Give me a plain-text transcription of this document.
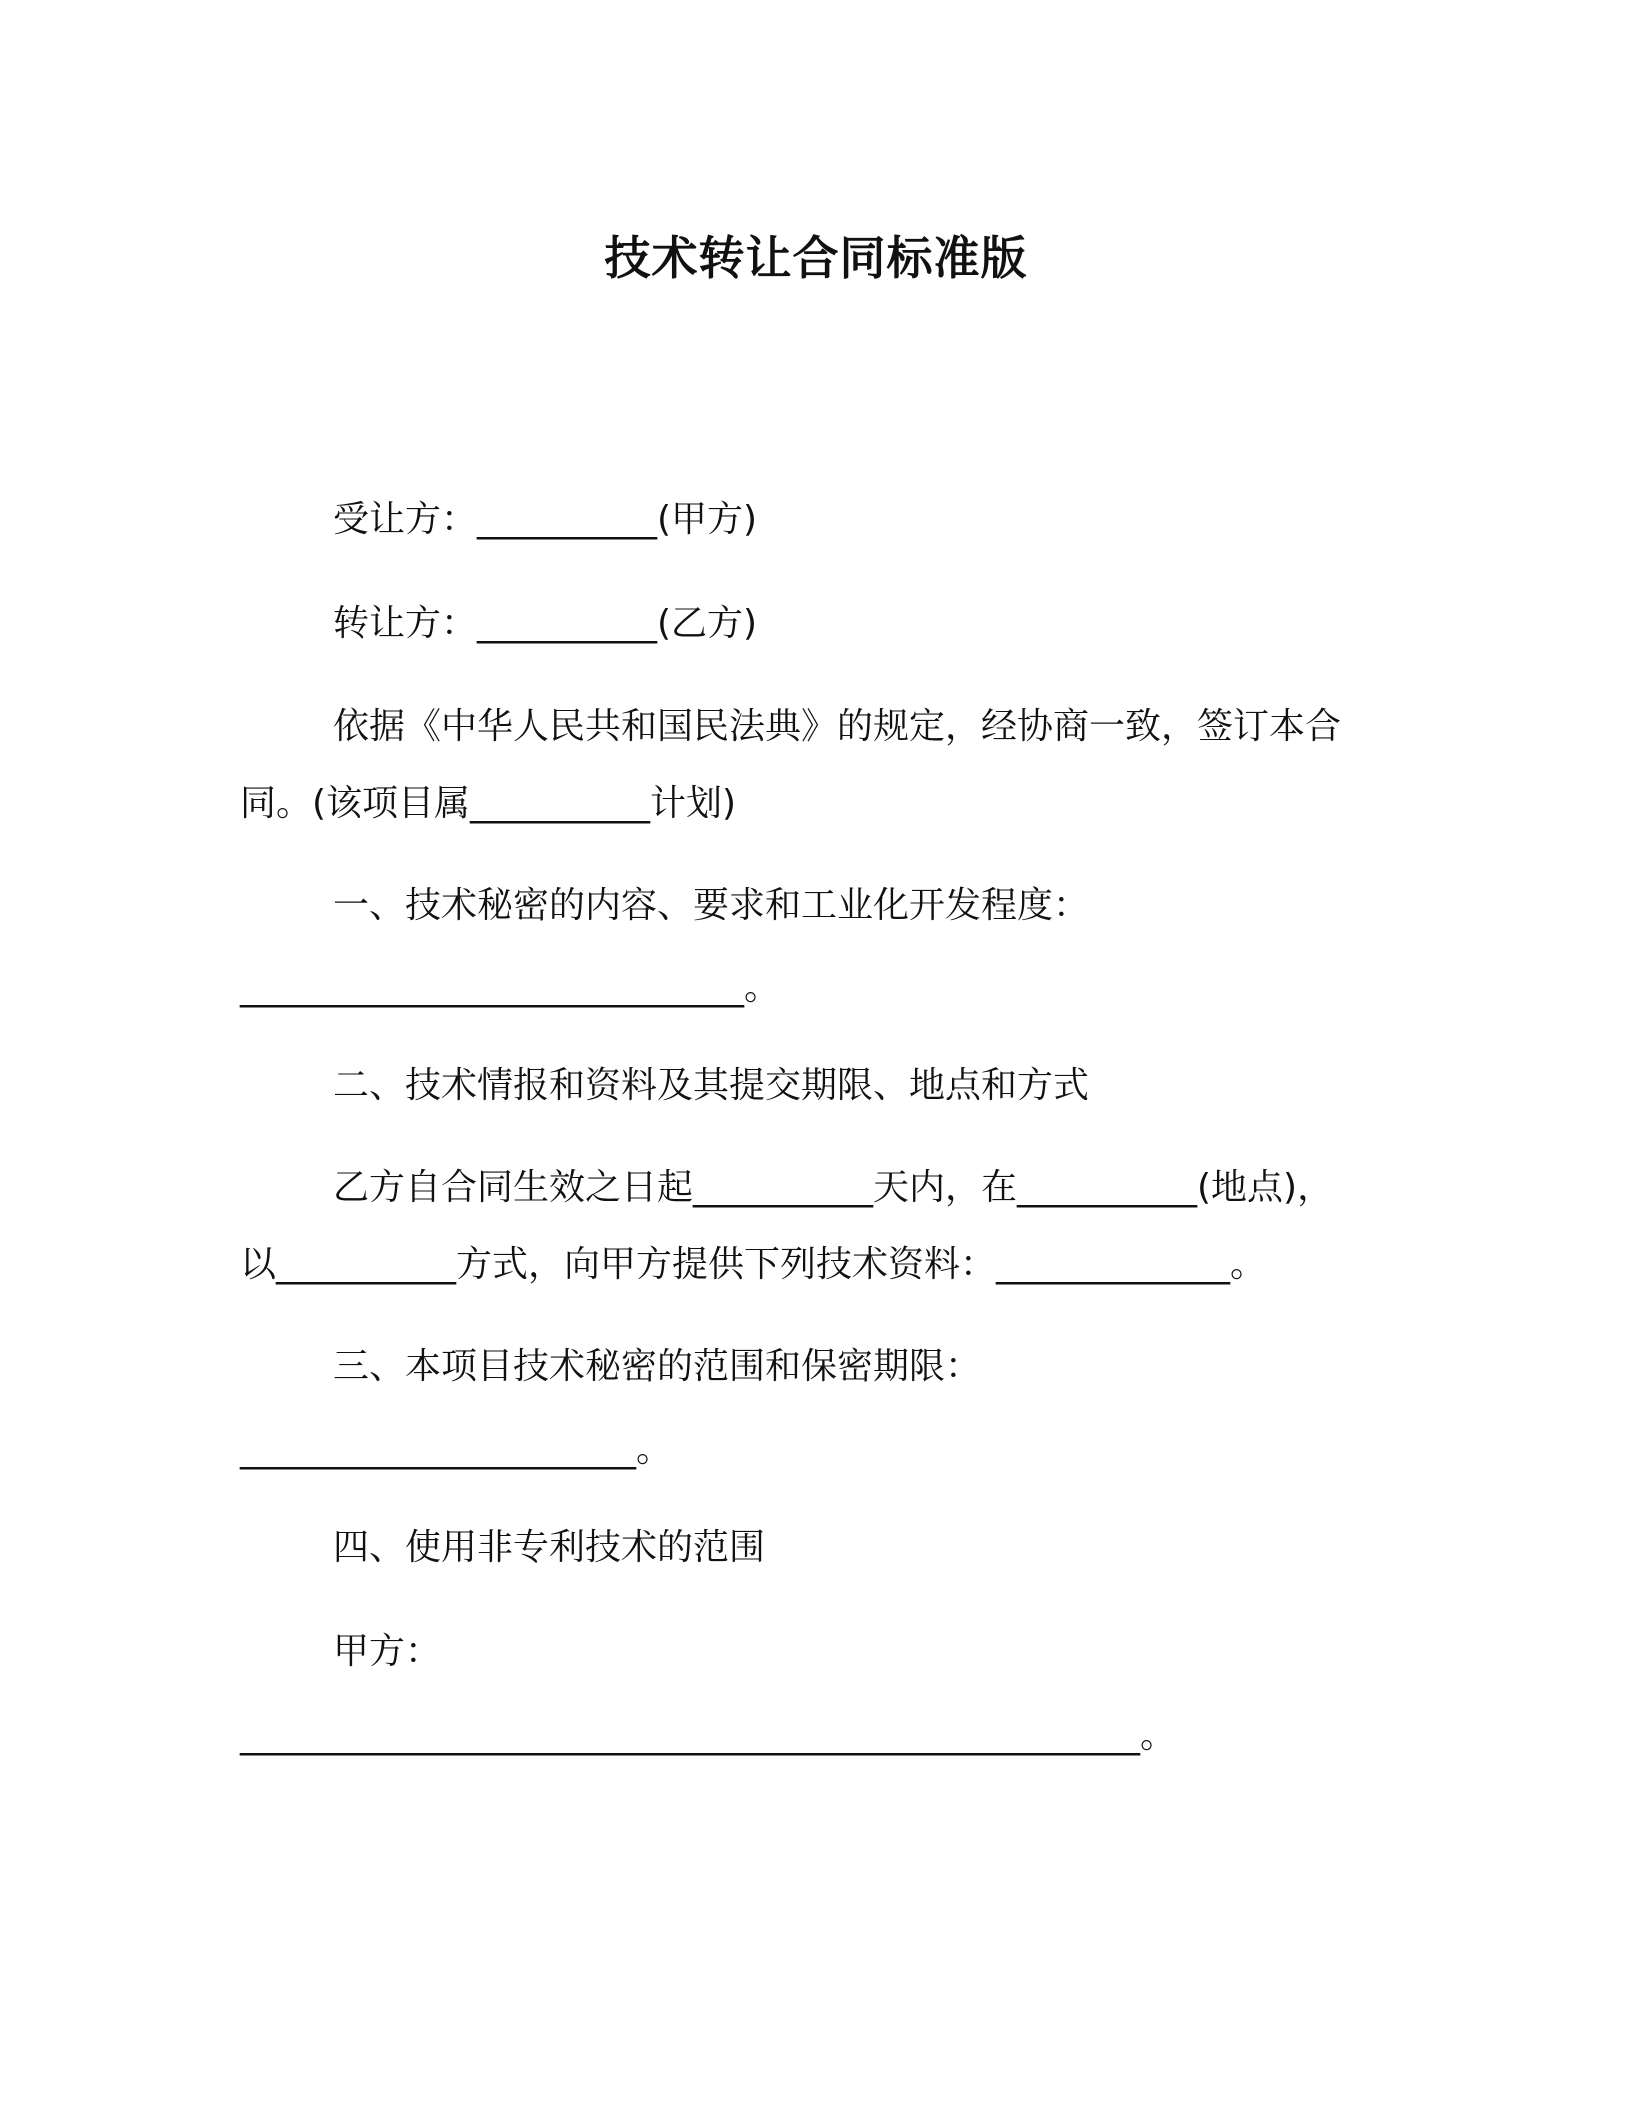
技术转让合同标准版
受让方：__________(甲方)
转让方：__________(乙方)
依据《中华人民共和国民法典》的规定，经协商一致，签订本合
同。(该项目属__________计划)
一、技术秘密的内容、要求和工业化开发程度：
____________________________。
二、技术情报和资料及其提交期限、地点和方式
乙方自合同生效之日起__________天内，在__________(地点)，
以__________方式，向甲方提供下列技术资料：_____________。
三、本项目技术秘密的范围和保密期限：
______________________。
四、使用非专利技术的范围
甲方：
__________________________________________________。
